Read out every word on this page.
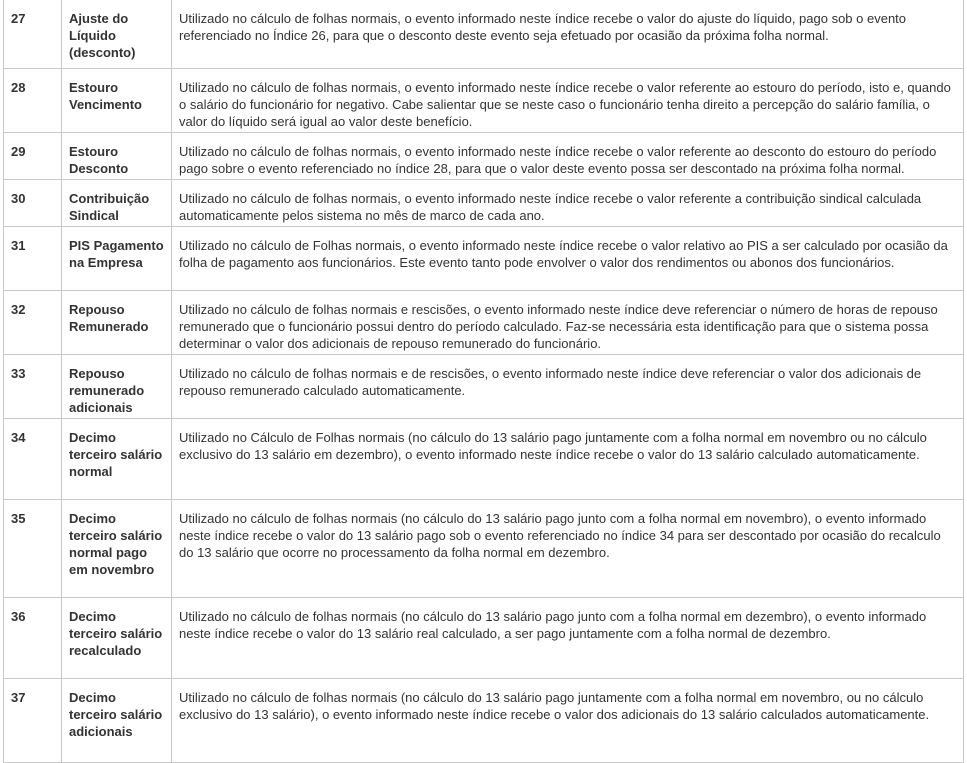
27	Ajuste do Líquido (desconto)	Utilizado no cálculo de folhas normais, o evento informado neste índice recebe o valor do ajuste do líquido, pago sob o evento referenciado no Índice 26, para que o desconto deste evento seja efetuado por ocasião da próxima folha normal.
28	Estouro Vencimento	Utilizado no cálculo de folhas normais, o evento informado neste índice recebe o valor referente ao estouro do período, isto e, quando o salário do funcionário for negativo. Cabe salientar que se neste caso o funcionário tenha direito a percepção do salário família, o valor do líquido será igual ao valor deste benefício.
29	Estouro Desconto	Utilizado no cálculo de folhas normais, o evento informado neste índice recebe o valor referente ao desconto do estouro do período pago sobre o evento referenciado no índice 28, para que o valor deste evento possa ser descontado na próxima folha normal.
30	Contribuição Sindical	Utilizado no cálculo de folhas normais, o evento informado neste índice recebe o valor referente a contribuição sindical calculada automaticamente pelos sistema no mês de marco de cada ano.
31	PIS Pagamento na Empresa	Utilizado no cálculo de Folhas normais, o evento informado neste índice recebe o valor relativo ao PIS a ser calculado por ocasião da folha de pagamento aos funcionários. Este evento tanto pode envolver o valor dos rendimentos ou abonos dos funcionários.
32	Repouso Remunerado	Utilizado no cálculo de folhas normais e rescisões, o evento informado neste índice deve referenciar o número de horas de repouso remunerado que o funcionário possui dentro do período calculado. Faz-se necessária esta identificação para que o sistema possa determinar o valor dos adicionais de repouso remunerado do funcionário.
33	Repouso remunerado adicionais	Utilizado no cálculo de folhas normais e de rescisões, o evento informado neste índice deve referenciar o valor dos adicionais de repouso remunerado calculado automaticamente.
34	Decimo terceiro salário normal	Utilizado no Cálculo de Folhas normais (no cálculo do 13 salário pago juntamente com a folha normal em novembro ou no cálculo exclusivo do 13 salário em dezembro), o evento informado neste índice recebe o valor do 13 salário calculado automaticamente.
35	Decimo terceiro salário normal pago em novembro	Utilizado no cálculo de folhas normais (no cálculo do 13 salário pago junto com a folha normal em novembro), o evento informado neste índice recebe o valor do 13 salário pago sob o evento referenciado no índice 34 para ser descontado por ocasião do recalculo do 13 salário que ocorre no processamento da folha normal em dezembro.
36	Decimo terceiro salário recalculado	Utilizado no cálculo de folhas normais (no cálculo do 13 salário pago junto com a folha normal em dezembro), o evento informado neste índice recebe o valor do 13 salário real calculado, a ser pago juntamente com a folha normal de dezembro.
37	Decimo terceiro salário adicionais	Utilizado no cálculo de folhas normais (no cálculo do 13 salário pago juntamente com a folha normal em novembro, ou no cálculo exclusivo do 13 salário), o evento informado neste índice recebe o valor dos adicionais do 13 salário calculados automaticamente.
